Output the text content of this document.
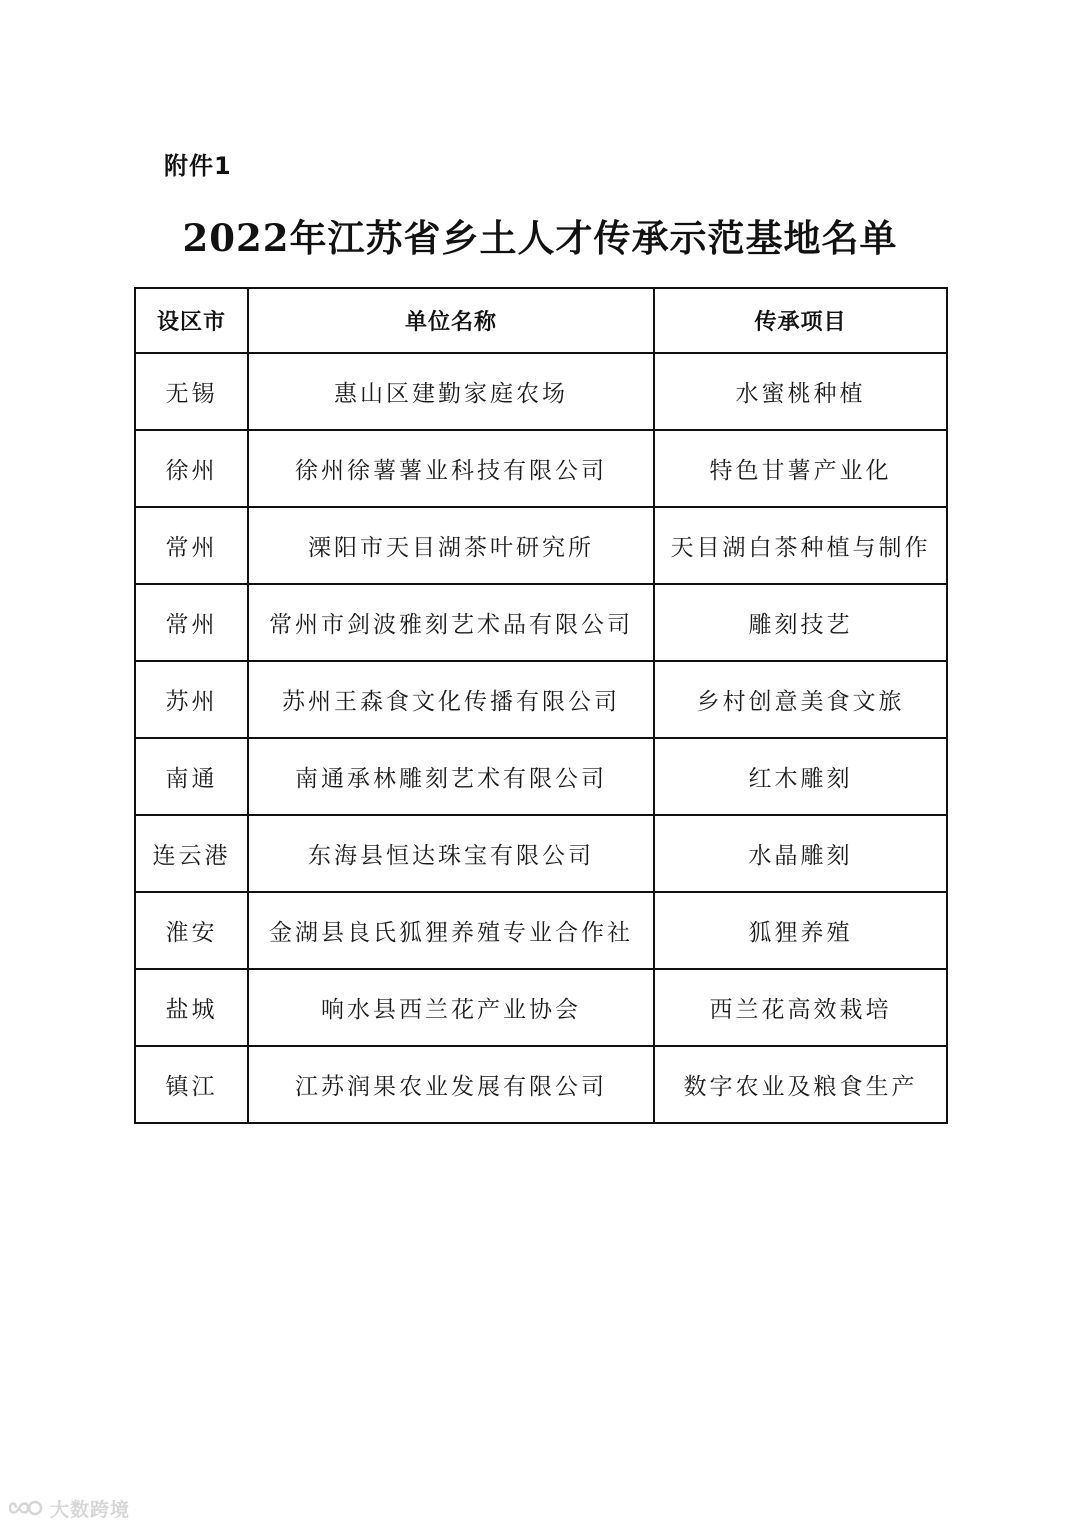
附件1
2022年江苏省乡土人才传承示范基地名单
设区市	单位名称	传承项目
无锡	惠山区建勤家庭农场	水蜜桃种植
徐州	徐州徐薯薯业科技有限公司	特色甘薯产业化
常州	溧阳市天目湖茶叶研究所	天目湖白茶种植与制作
常州	常州市剑波雅刻艺术品有限公司	雕刻技艺
苏州	苏州王森食文化传播有限公司	乡村创意美食文旅
南通	南通承林雕刻艺术有限公司	红木雕刻
连云港	东海县恒达珠宝有限公司	水晶雕刻
淮安	金湖县良氏狐狸养殖专业合作社	狐狸养殖
盐城	响水县西兰花产业协会	西兰花高效栽培
镇江	江苏润果农业发展有限公司	数字农业及粮食生产
大数跨境
